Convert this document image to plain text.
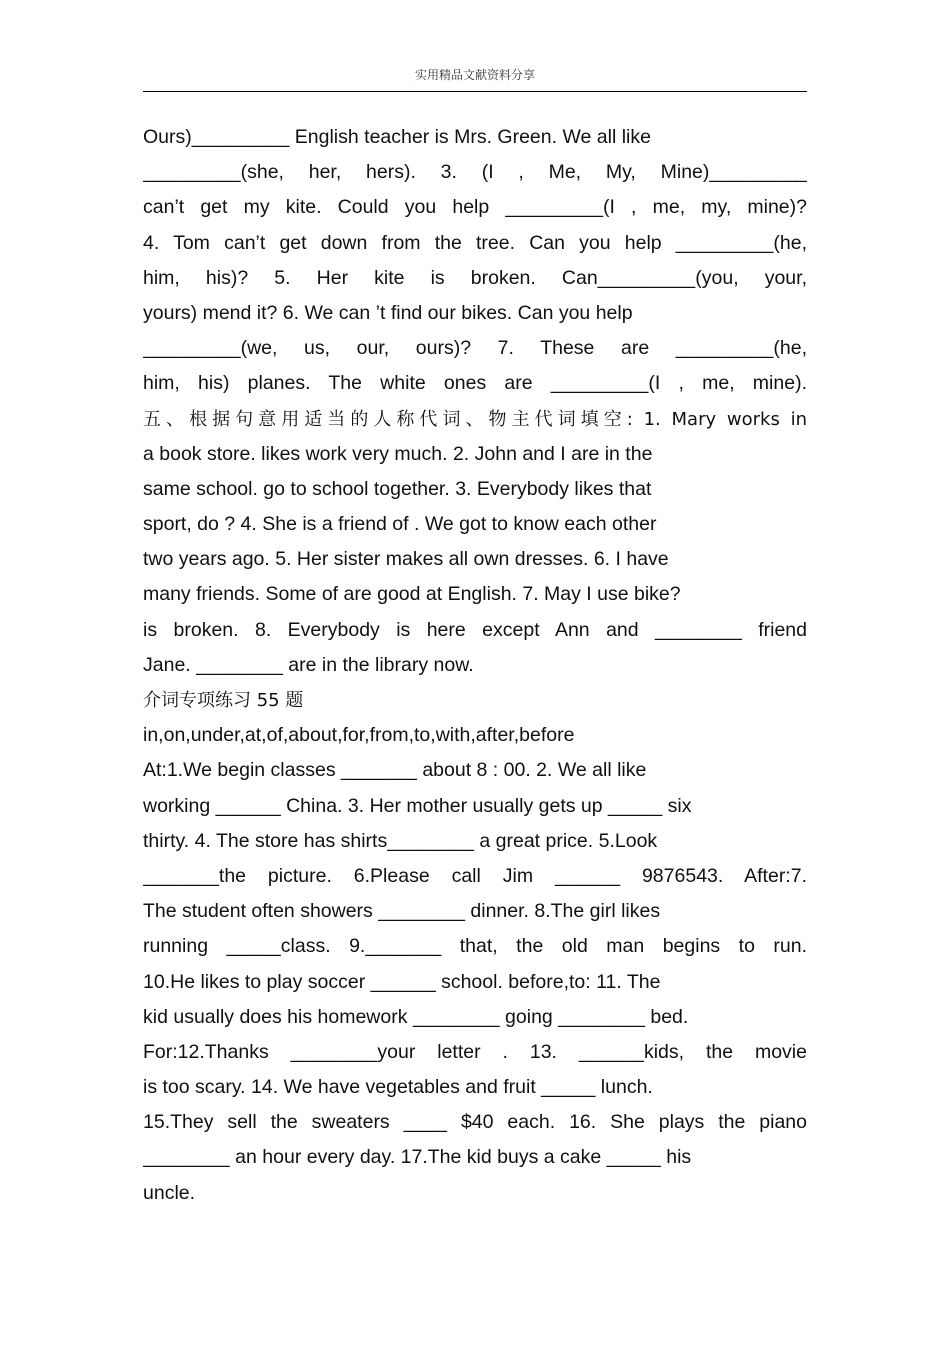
实用精品文献资料分享
Ours)_________ English teacher is Mrs. Green. We all like
_________(she, her, hers). 3. (I , Me, My, Mine)_________
can’t get my kite. Could you help _________(I , me, my, mine)?
4. Tom can’t get down from the tree. Can you help _________(he,
him, his)? 5. Her kite is broken. Can_________(you, your,
yours) mend it? 6. We can ’t find our bikes. Can you help
_________(we, us, our, ours)? 7. These are _________(he,
him, his) planes. The white ones are _________(I , me, mine).
五、根据句意用适当的人称代词、物主代词填空: 1. Mary works in
a book store. likes work very much. 2. John and I are in the
same school. go to school together. 3. Everybody likes that
sport, do ? 4. She is a friend of . We got to know each other
two years ago. 5. Her sister makes all own dresses. 6. I have
many friends. Some of are good at English. 7. May I use bike?
is broken. 8. Everybody is here except Ann and ________ friend
Jane. ________ are in the library now.
介词专项练习 55 题
in,on,under,at,of,about,for,from,to,with,after,before
At:1.We begin classes _______ about 8 : 00. 2. We all like
working ______ China. 3. Her mother usually gets up _____ six
thirty. 4. The store has shirts________ a great price. 5.Look
_______the picture. 6.Please call Jim ______ 9876543. After:7.
The student often showers ________ dinner. 8.The girl likes
running _____class. 9._______ that, the old man begins to run.
10.He likes to play soccer ______ school. before,to: 11. The
kid usually does his homework ________ going ________ bed.
For:12.Thanks ________your letter . 13. ______kids, the movie
is too scary. 14. We have vegetables and fruit _____ lunch.
15.They sell the sweaters ____ $40 each. 16. She plays the piano
________ an hour every day. 17.The kid buys a cake _____ his
uncle.
